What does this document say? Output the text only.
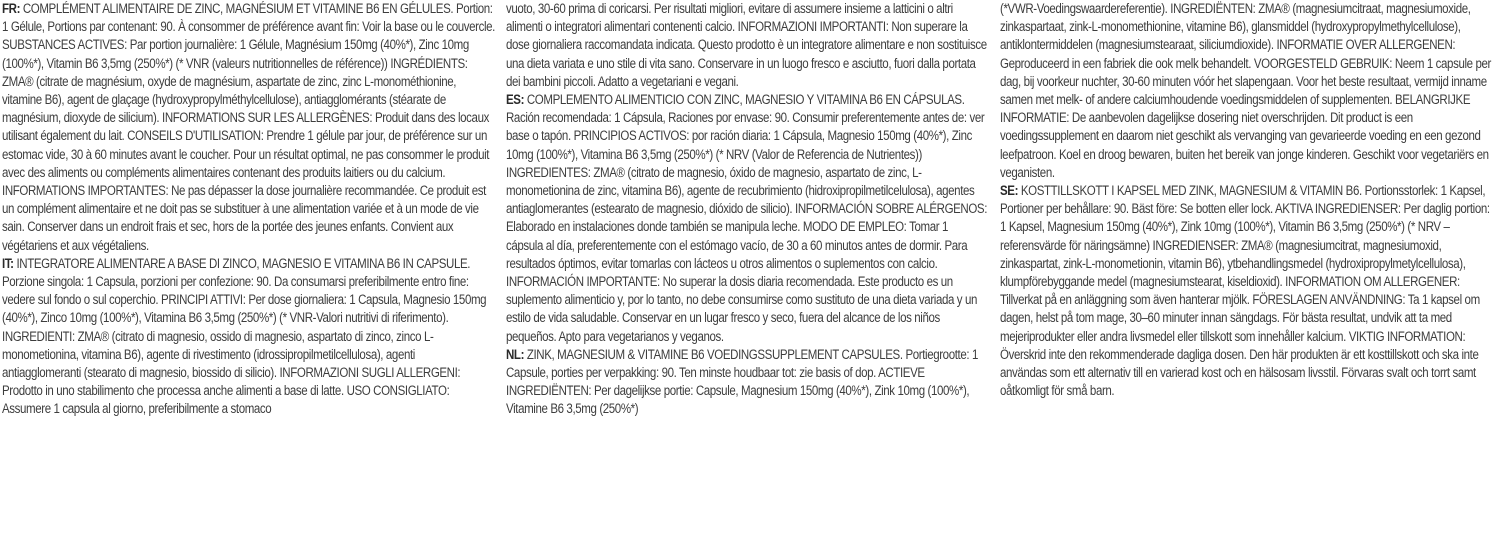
FR: COMPLÉMENT ALIMENTAIRE DE ZINC, MAGNÉSIUM ET VITAMINE B6 EN GÉLULES. Portion: 1 Gélule, Portions par contenant: 90. À consommer de préférence avant fin: Voir la base ou le couvercle. SUBSTANCES ACTIVES: Par portion journalière: 1 Gélule, Magnésium 150mg (40%*), Zinc 10mg (100%*), Vitamin B6 3,5mg (250%*) (* VNR (valeurs nutritionnelles de référence)) INGRÉDIENTS: ZMA® (citrate de magnésium, oxyde de magnésium, aspartate de zinc, zinc L-monométhionine, vitamine B6), agent de glaçage (hydroxypropylméthylcellulose), antiagglomérants (stéarate de magnésium, dioxyde de silicium). INFORMATIONS SUR LES ALLERGÈNES: Produit dans des locaux utilisant également du lait. CONSEILS D'UTILISATION: Prendre 1 gélule par jour, de préférence sur un estomac vide, 30 à 60 minutes avant le coucher. Pour un résultat optimal, ne pas consommer le produit avec des aliments ou compléments alimentaires contenant des produits laitiers ou du calcium. INFORMATIONS IMPORTANTES: Ne pas dépasser la dose journalière recommandée. Ce produit est un complément alimentaire et ne doit pas se substituer à une alimentation variée et à un mode de vie sain. Conserver dans un endroit frais et sec, hors de la portée des jeunes enfants. Convient aux végétariens et aux végétaliens.

IT: INTEGRATORE ALIMENTARE A BASE DI ZINCO, MAGNESIO E VITAMINA B6 IN CAPSULE. Porzione singola: 1 Capsula, porzioni per confezione: 90. Da consumarsi preferibilmente entro fine: vedere sul fondo o sul coperchio. PRINCIPI ATTIVI: Per dose giornaliera: 1 Capsula, Magnesio 150mg (40%*), Zinco 10mg (100%*), Vitamina B6 3,5mg (250%*) (* VNR-Valori nutritivi di riferimento). INGREDIENTI: ZMA® (citrato di magnesio, ossido di magnesio, aspartato di zinco, zinco L-monometionina, vitamina B6), agente di rivestimento (idrossipropilmetilcellulosa), agenti antiagglomeranti (stearato di magnesio, biossido di silicio). INFORMAZIONI SUGLI ALLERGENI: Prodotto in uno stabilimento che processa anche alimenti a base di latte. USO CONSIGLIATO: Assumere 1 capsula al giorno, preferibilmente a stomaco

vuoto, 30-60 prima di coricarsi. Per risultati migliori, evitare di assumere insieme a latticini o altri alimenti o integratori alimentari contenenti calcio. INFORMAZIONI IMPORTANTI: Non superare la dose giornaliera raccomandata indicata. Questo prodotto è un integratore alimentare e non sostituisce una dieta variata e uno stile di vita sano. Conservare in un luogo fresco e asciutto, fuori dalla portata dei bambini piccoli. Adatto a vegetariani e vegani.

ES: COMPLEMENTO ALIMENTICIO CON ZINC, MAGNESIO Y VITAMINA B6 EN CÁPSULAS. Ración recomendada: 1 Cápsula, Raciones por envase: 90. Consumir preferentemente antes de: ver base o tapón. PRINCIPIOS ACTIVOS: por ración diaria: 1 Cápsula, Magnesio 150mg (40%*), Zinc 10mg (100%*), Vitamina B6 3,5mg (250%*) (* NRV (Valor de Referencia de Nutrientes)) INGREDIENTES: ZMA® (citrato de magnesio, óxido de magnesio, aspartato de zinc, L-monometionina de zinc, vitamina B6), agente de recubrimiento (hidroxipropilmetilcelulosa), agentes antiaglomerantes (estearato de magnesio, dióxido de silicio). INFORMACIÓN SOBRE ALÉRGENOS: Elaborado en instalaciones donde también se manipula leche. MODO DE EMPLEO: Tomar 1 cápsula al día, preferentemente con el estómago vacío, de 30 a 60 minutos antes de dormir. Para resultados óptimos, evitar tomarlas con lácteos u otros alimentos o suplementos con calcio. INFORMACIÓN IMPORTANTE: No superar la dosis diaria recomendada. Este producto es un suplemento alimenticio y, por lo tanto, no debe consumirse como sustituto de una dieta variada y un estilo de vida saludable. Conservar en un lugar fresco y seco, fuera del alcance de los niños pequeños. Apto para vegetarianos y veganos.

NL: ZINK, MAGNESIUM & VITAMINE B6 VOEDINGSSUPPLEMENT CAPSULES. Portiegrootte: 1 Capsule, porties per verpakking: 90. Ten minste houdbaar tot: zie basis of dop. ACTIEVE INGREDIËNTEN: Per dagelijkse portie: Capsule, Magnesium 150mg (40%*), Zink 10mg (100%*), Vitamine B6 3,5mg (250%*)

(*VWR-Voedingswaardereferentie). INGREDIËNTEN: ZMA® (magnesiumcitraat, magnesiumoxide, zinkaspartaat, zink-L-monomethionine, vitamine B6), glansmiddel (hydroxypropylmethylcellulose), antiklontermiddelen (magnesiumstearaat, siliciumdioxide). INFORMATIE OVER ALLERGENEN: Geproduceerd in een fabriek die ook melk behandelt. VOORGESTELD GEBRUIK: Neem 1 capsule per dag, bij voorkeur nuchter, 30-60 minuten vóór het slapengaan. Voor het beste resultaat, vermijd inname samen met melk- of andere calciumhoudende voedingsmiddelen of supplementen. BELANGRIJKE INFORMATIE: De aanbevolen dagelijkse dosering niet overschrijden. Dit product is een voedingssupplement en daarom niet geschikt als vervanging van gevarieerde voeding en een gezond leefpatroon. Koel en droog bewaren, buiten het bereik van jonge kinderen. Geschikt voor vegetariërs en veganisten.

SE: KOSTTILLSKOTT I KAPSEL MED ZINK, MAGNESIUM & VITAMIN B6. Portionsstorlek: 1 Kapsel, Portioner per behållare: 90. Bäst före: Se botten eller lock. AKTIVA INGREDIENSER: Per daglig portion: 1 Kapsel, Magnesium 150mg (40%*), Zink 10mg (100%*), Vitamin B6 3,5mg (250%*) (* NRV – referensvärde för näringsämne) INGREDIENSER: ZMA® (magnesiumcitrat, magnesiumoxid, zinkaspartat, zink-L-monometionin, vitamin B6), ytbehandlingsmedel (hydroxipropylmetylcellulosa), klumpförebyggande medel (magnesiumstearat, kiseldioxid). INFORMATION OM ALLERGENER: Tillverkat på en anläggning som även hanterar mjölk. FÖRESLAGEN ANVÄNDNING: Ta 1 kapsel om dagen, helst på tom mage, 30–60 minuter innan sängdags. För bästa resultat, undvik att ta med mejeriprodukter eller andra livsmedel eller tillskott som innehåller kalcium. VIKTIG INFORMATION: Överskrid inte den rekommenderade dagliga dosen. Den här produkten är ett kosttillskott och ska inte användas som ett alternativ till en varierad kost och en hälsosam livsstil. Förvaras svalt och torrt samt oåtkomligt för små barn.
